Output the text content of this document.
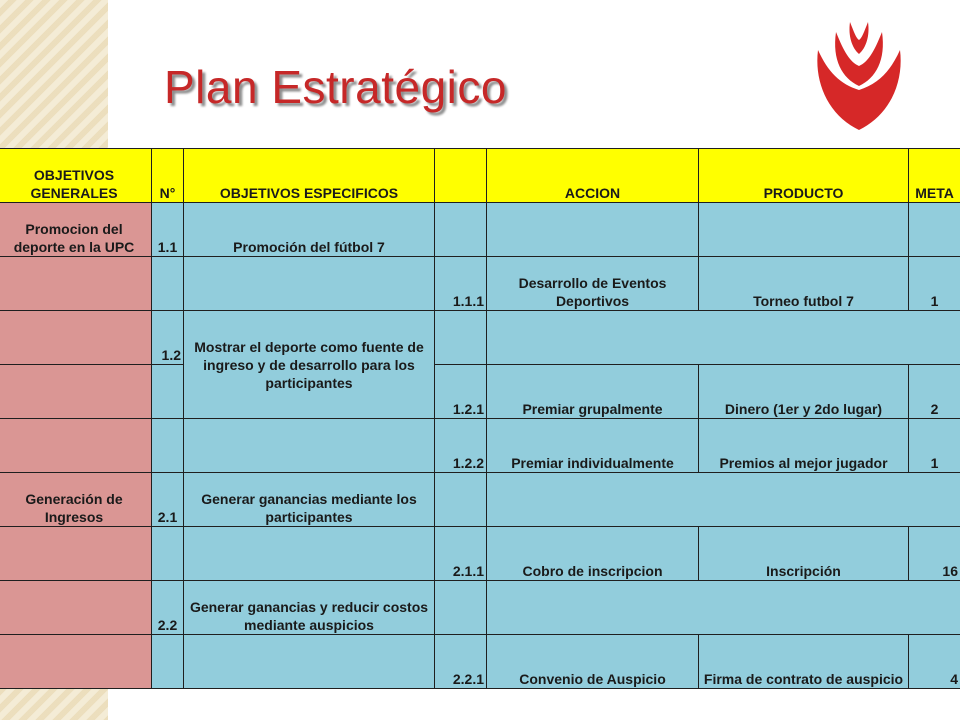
Plan Estratégico
OBJETIVOS GENERALES	N°	OBJETIVOS ESPECIFICOS		ACCION	PRODUCTO	META
Promocion del deporte en la UPC	1.1	Promoción del fútbol 7				
			1.1.1	Desarrollo de Eventos Deportivos	Torneo futbol 7	1
	1.2	Mostrar el deporte como fuente de ingreso y de desarrollo para los participantes				
			1.2.1	Premiar grupalmente	Dinero (1er y 2do lugar)	2
			1.2.2	Premiar individualmente	Premios al mejor jugador	1
Generación de Ingresos	2.1	Generar ganancias mediante los participantes				
			2.1.1	Cobro de inscripcion	Inscripción	16
	2.2	Generar ganancias y reducir costos mediante auspicios				
			2.2.1	Convenio de Auspicio	Firma de contrato de auspicio	4
